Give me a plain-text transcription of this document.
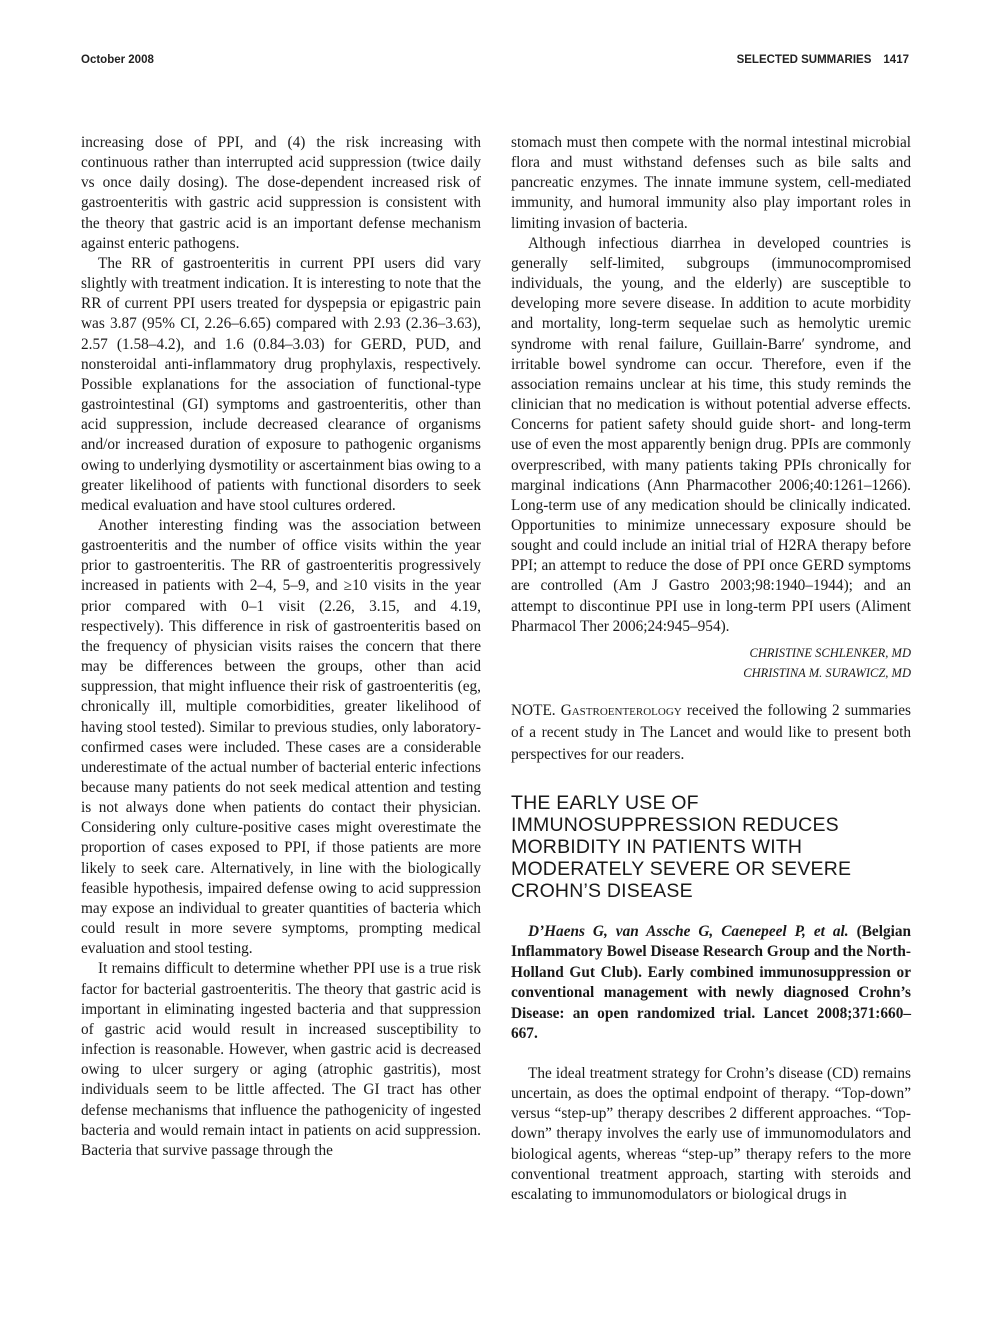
October 2008	SELECTED SUMMARIES 1417

increasing dose of PPI, and (4) the risk increasing with continuous rather than interrupted acid suppression (twice daily vs once daily dosing). The dose-dependent increased risk of gastroenteritis with gastric acid suppression is consistent with the theory that gastric acid is an important defense mechanism against enteric pathogens.

The RR of gastroenteritis in current PPI users did vary slightly with treatment indication. It is interesting to note that the RR of current PPI users treated for dyspepsia or epigastric pain was 3.87 (95% CI, 2.26–6.65) compared with 2.93 (2.36–3.63), 2.57 (1.58–4.2), and 1.6 (0.84–3.03) for GERD, PUD, and nonsteroidal anti-inflammatory drug prophylaxis, respectively. Possible explanations for the association of functional-type gastrointestinal (GI) symptoms and gastroenteritis, other than acid suppression, include decreased clearance of organisms and/or increased duration of exposure to pathogenic organisms owing to underlying dysmotility or ascertainment bias owing to a greater likelihood of patients with functional disorders to seek medical evaluation and have stool cultures ordered.

Another interesting finding was the association between gastroenteritis and the number of office visits within the year prior to gastroenteritis. The RR of gastroenteritis progressively increased in patients with 2–4, 5–9, and ≥10 visits in the year prior compared with 0–1 visit (2.26, 3.15, and 4.19, respectively). This difference in risk of gastroenteritis based on the frequency of physician visits raises the concern that there may be differences between the groups, other than acid suppression, that might influence their risk of gastroenteritis (eg, chronically ill, multiple comorbidities, greater likelihood of having stool tested). Similar to previous studies, only laboratory-confirmed cases were included. These cases are a considerable underestimate of the actual number of bacterial enteric infections because many patients do not seek medical attention and testing is not always done when patients do contact their physician. Considering only culture-positive cases might overestimate the proportion of cases exposed to PPI, if those patients are more likely to seek care. Alternatively, in line with the biologically feasible hypothesis, impaired defense owing to acid suppression may expose an individual to greater quantities of bacteria which could result in more severe symptoms, prompting medical evaluation and stool testing.

It remains difficult to determine whether PPI use is a true risk factor for bacterial gastroenteritis. The theory that gastric acid is important in eliminating ingested bacteria and that suppression of gastric acid would result in increased susceptibility to infection is reasonable. However, when gastric acid is decreased owing to ulcer surgery or aging (atrophic gastritis), most individuals seem to be little affected. The GI tract has other defense mechanisms that influence the pathogenicity of ingested bacteria and would remain intact in patients on acid suppression. Bacteria that survive passage through the

stomach must then compete with the normal intestinal microbial flora and must withstand defenses such as bile salts and pancreatic enzymes. The innate immune system, cell-mediated immunity, and humoral immunity also play important roles in limiting invasion of bacteria.

Although infectious diarrhea in developed countries is generally self-limited, subgroups (immunocompromised individuals, the young, and the elderly) are susceptible to developing more severe disease. In addition to acute morbidity and mortality, long-term sequelae such as hemolytic uremic syndrome with renal failure, Guillain-Barre′ syndrome, and irritable bowel syndrome can occur. Therefore, even if the association remains unclear at his time, this study reminds the clinician that no medication is without potential adverse effects. Concerns for patient safety should guide short- and long-term use of even the most apparently benign drug. PPIs are commonly overprescribed, with many patients taking PPIs chronically for marginal indications (Ann Pharmacother 2006;40:1261–1266). Long-term use of any medication should be clinically indicated. Opportunities to minimize unnecessary exposure should be sought and could include an initial trial of H2RA therapy before PPI; an attempt to reduce the dose of PPI once GERD symptoms are controlled (Am J Gastro 2003;98:1940–1944); and an attempt to discontinue PPI use in long-term PPI users (Aliment Pharmacol Ther 2006;24:945–954).

CHRISTINE SCHLENKER, MD
CHRISTINA M. SURAWICZ, MD

NOTE. Gastroenterology received the following 2 summaries of a recent study in The Lancet and would like to present both perspectives for our readers.

THE EARLY USE OF IMMUNOSUPPRESSION REDUCES MORBIDITY IN PATIENTS WITH MODERATELY SEVERE OR SEVERE CROHN’S DISEASE

D’Haens G, van Assche G, Caenepeel P, et al. (Belgian Inflammatory Bowel Disease Research Group and the North-Holland Gut Club). Early combined immunosuppression or conventional management with newly diagnosed Crohn’s Disease: an open randomized trial. Lancet 2008;371:660–667.

The ideal treatment strategy for Crohn’s disease (CD) remains uncertain, as does the optimal endpoint of therapy. “Top-down” versus “step-up” therapy describes 2 different approaches. “Top-down” therapy involves the early use of immunomodulators and biological agents, whereas “step-up” therapy refers to the more conventional treatment approach, starting with steroids and escalating to immunomodulators or biological drugs in
